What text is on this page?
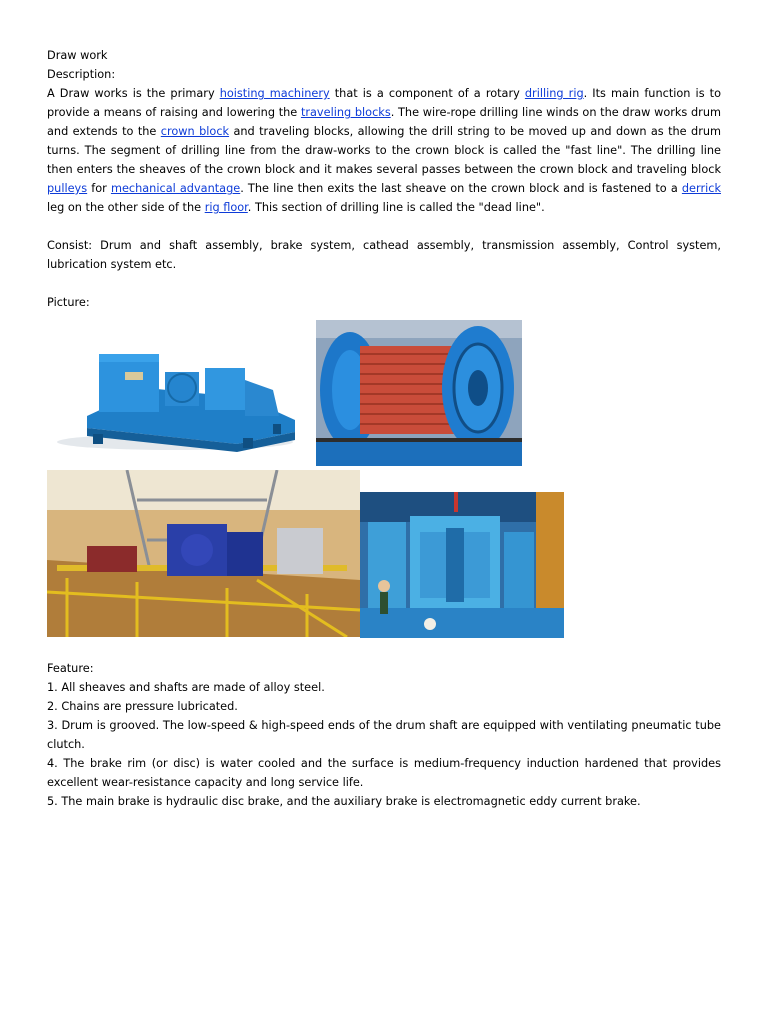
Draw work

Description:

A Draw works is the primary hoisting machinery that is a component of a rotary drilling rig. Its main function is to provide a means of raising and lowering the traveling blocks. The wire-rope drilling line winds on the draw works drum and extends to the crown block and traveling blocks, allowing the drill string to be moved up and down as the drum turns. The segment of drilling line from the draw-works to the crown block is called the "fast line". The drilling line then enters the sheaves of the crown block and it makes several passes between the crown block and traveling block pulleys for mechanical advantage. The line then exits the last sheave on the crown block and is fastened to a derrick leg on the other side of the rig floor. This section of drilling line is called the "dead line".

Consist: Drum and shaft assembly, brake system, cathead assembly, transmission assembly, Control system, lubrication system etc.

Picture:

Feature:

1. All sheaves and shafts are made of alloy steel.

2. Chains are pressure lubricated.

3. Drum is grooved. The low-speed & high-speed ends of the drum shaft are equipped with ventilating pneumatic tube clutch.

4. The brake rim (or disc) is water cooled and the surface is medium-frequency induction hardened that provides excellent wear-resistance capacity and long service life.

5. The main brake is hydraulic disc brake, and the auxiliary brake is electromagnetic eddy current brake.
